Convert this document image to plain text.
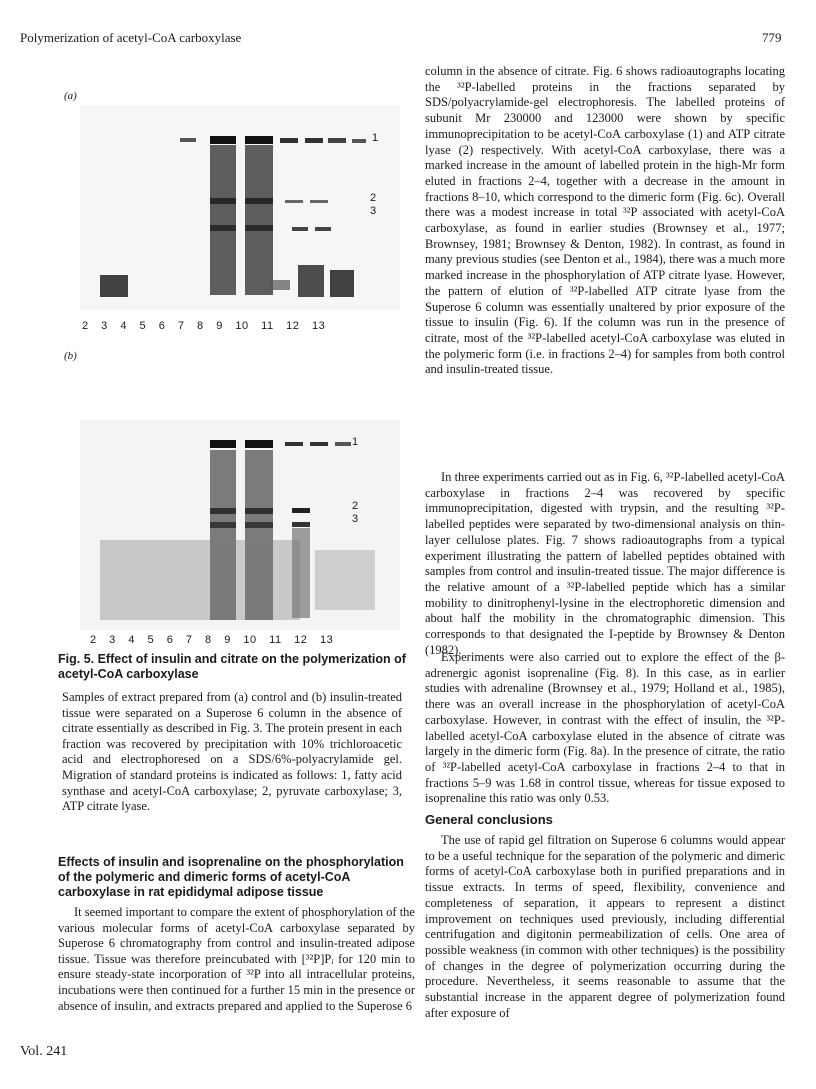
Polymerization of acetyl-CoA carboxylase	779
(a)
1
2
3
2 3 4 5 6 7 8 9 10 11 12 13
(b)
1
2
3
2 3 4 5 6 7 8 9 10 11 12 13
Fig. 5. Effect of insulin and citrate on the polymerization of acetyl-CoA carboxylase
Samples of extract prepared from (a) control and (b) insulin-treated tissue were separated on a Superose 6 column in the absence of citrate essentially as described in Fig. 3. The protein present in each fraction was recovered by precipitation with 10% trichloroacetic acid and electrophoresed on a SDS/6%-polyacrylamide gel. Migration of standard proteins is indicated as follows: 1, fatty acid synthase and acetyl-CoA carboxylase; 2, pyruvate carboxylase; 3, ATP citrate lyase.
Effects of insulin and isoprenaline on the phosphorylation of the polymeric and dimeric forms of acetyl-CoA carboxylase in rat epididymal adipose tissue
It seemed important to compare the extent of phosphorylation of the various molecular forms of acetyl-CoA carboxylase separated by Superose 6 chromatography from control and insulin-treated adipose tissue. Tissue was therefore preincubated with [³²P]Pᵢ for 120 min to ensure steady-state incorporation of ³²P into all intracellular proteins, incubations were then continued for a further 15 min in the presence or absence of insulin, and extracts prepared and applied to the Superose 6
column in the absence of citrate. Fig. 6 shows radioautographs locating the ³²P-labelled proteins in the fractions separated by SDS/polyacrylamide-gel electrophoresis. The labelled proteins of subunit Mr 230000 and 123000 were shown by specific immunoprecipitation to be acetyl-CoA carboxylase (1) and ATP citrate lyase (2) respectively. With acetyl-CoA carboxylase, there was a marked increase in the amount of labelled protein in the high-Mr form eluted in fractions 2–4, together with a decrease in the amount in fractions 8–10, which correspond to the dimeric form (Fig. 6c). Overall there was a modest increase in total ³²P associated with acetyl-CoA carboxylase, as found in earlier studies (Brownsey et al., 1977; Brownsey, 1981; Brownsey & Denton, 1982). In contrast, as found in many previous studies (see Denton et al., 1984), there was a much more marked increase in the phosphorylation of ATP citrate lyase. However, the pattern of elution of ³²P-labelled ATP citrate lyase from the Superose 6 column was essentially unaltered by prior exposure of the tissue to insulin (Fig. 6). If the column was run in the presence of citrate, most of the ³²P-labelled acetyl-CoA carboxylase was eluted in the polymeric form (i.e. in fractions 2–4) for samples from both control and insulin-treated tissue.
In three experiments carried out as in Fig. 6, ³²P-labelled acetyl-CoA carboxylase in fractions 2–4 was recovered by specific immunoprecipitation, digested with trypsin, and the resulting ³²P-labelled peptides were separated by two-dimensional analysis on thin-layer cellulose plates. Fig. 7 shows radioautographs from a typical experiment illustrating the pattern of labelled peptides obtained with samples from control and insulin-treated tissue. The major difference is the relative amount of a ³²P-labelled peptide which has a similar mobility to dinitrophenyl-lysine in the electrophoretic dimension and about half the mobility in the chromatographic dimension. This corresponds to that designated the I-peptide by Brownsey & Denton (1982).
Experiments were also carried out to explore the effect of the β-adrenergic agonist isoprenaline (Fig. 8). In this case, as in earlier studies with adrenaline (Brownsey et al., 1979; Holland et al., 1985), there was an overall increase in the phosphorylation of acetyl-CoA carboxylase. However, in contrast with the effect of insulin, the ³²P-labelled acetyl-CoA carboxylase eluted in the absence of citrate was largely in the dimeric form (Fig. 8a). In the presence of citrate, the ratio of ³²P-labelled acetyl-CoA carboxylase in fractions 2–4 to that in fractions 5–9 was 1.68 in control tissue, whereas for tissue exposed to isoprenaline this ratio was only 0.53.
General conclusions
The use of rapid gel filtration on Superose 6 columns would appear to be a useful technique for the separation of the polymeric and dimeric forms of acetyl-CoA carboxylase both in purified preparations and in tissue extracts. In terms of speed, flexibility, convenience and completeness of separation, it appears to represent a distinct improvement on techniques used previously, including differential centrifugation and digitonin permeabilization of cells. One area of possible weakness (in common with other techniques) is the possibility of changes in the degree of polymerization occurring during the procedure. Nevertheless, it seems reasonable to assume that the substantial increase in the apparent degree of polymerization found after exposure of
Vol. 241
